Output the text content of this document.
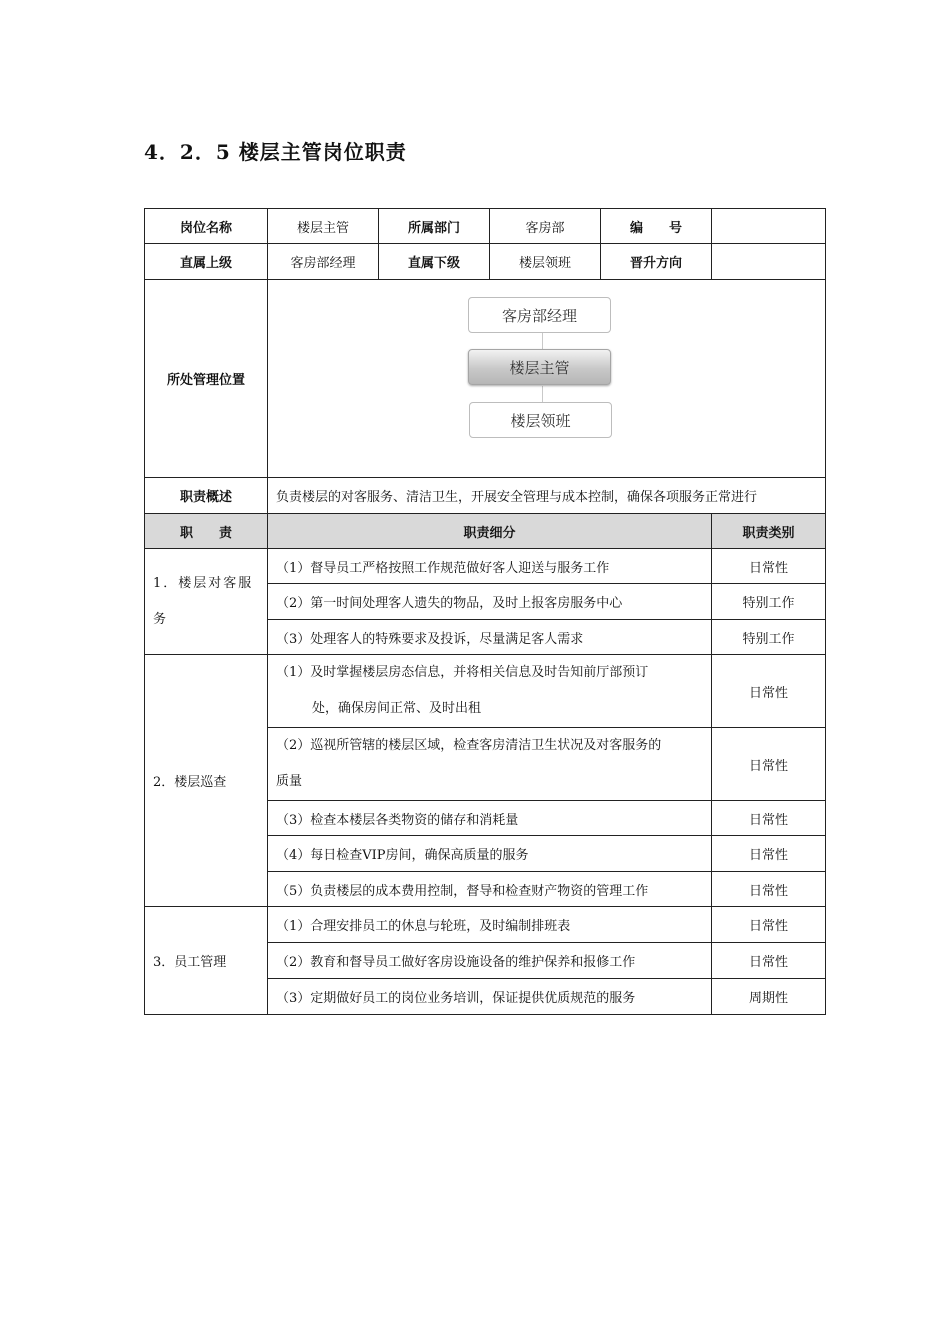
4．2．5 楼层主管岗位职责
岗位名称	楼层主管	所属部门	客房部	编　　号	
直属上级	客房部经理	直属下级	楼层领班	晋升方向	
所处管理位置	客房部经理
楼层主管
楼层领班				

职责概述	负责楼层的对客服务、清洁卫生，开展安全管理与成本控制，确保各项服务正常进行				
职　　责	职责细分				职责类别
1．楼层对客服务	（1）督导员工严格按照工作规范做好客人迎送与服务工作				日常性
	（2）第一时间处理客人遗失的物品，及时上报客房服务中心				特别工作
	（3）处理客人的特殊要求及投诉，尽量满足客人需求				特别工作
2．楼层巡查	（1）及时掌握楼层房态信息，并将相关信息及时告知前厅部预订
处，确保房间正常、及时出租				日常性

	（2）巡视所管辖的楼层区域，检查客房清洁卫生状况及对客服务的
质量				日常性
	（3）检查本楼层各类物资的储存和消耗量				日常性
	（4）每日检查VIP房间，确保高质量的服务				日常性
	（5）负责楼层的成本费用控制，督导和检查财产物资的管理工作				日常性
3．员工管理	（1）合理安排员工的休息与轮班，及时编制排班表				日常性
	（2）教育和督导员工做好客房设施设备的维护保养和报修工作				日常性
	（3）定期做好员工的岗位业务培训，保证提供优质规范的服务				周期性
